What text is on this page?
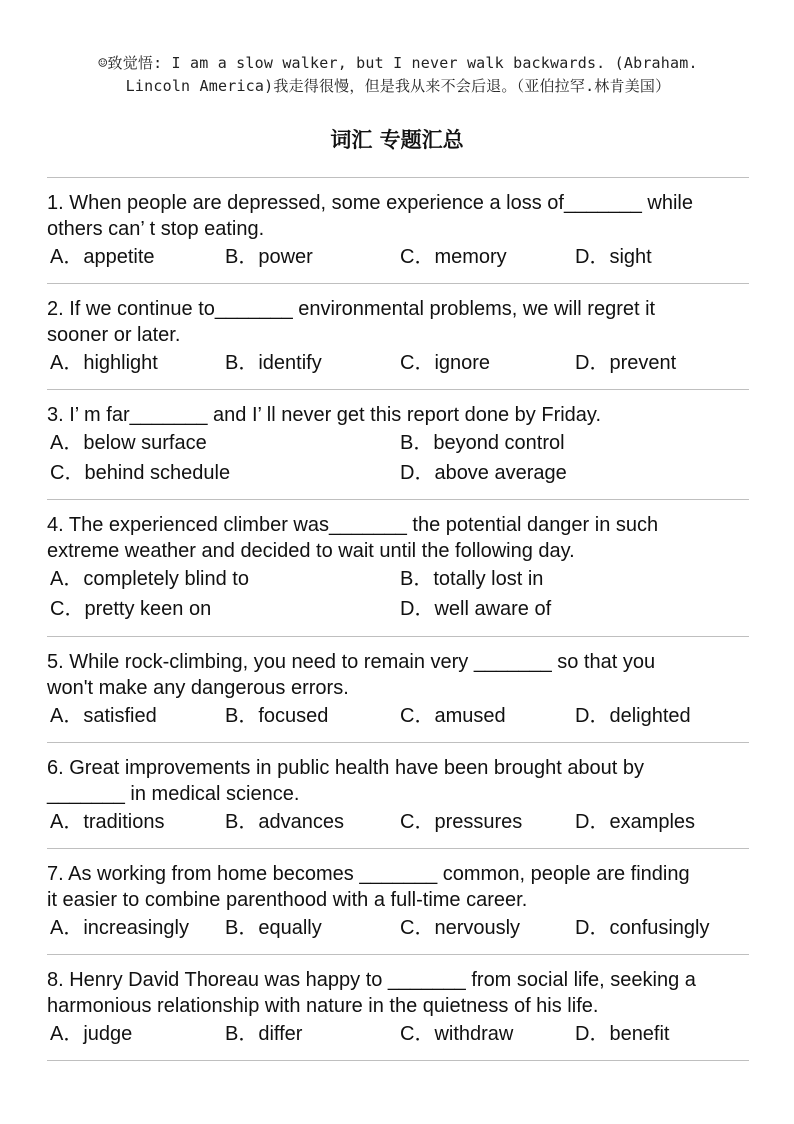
☺致觉悟: I am a slow walker, but I never walk backwards. (Abraham.
Lincoln America)我走得很慢，但是我从来不会后退。（亚伯拉罕.林肯美国）
词汇 专题汇总
1. When people are depressed, some experience a loss of_______ while
others can’ t stop eating.
A．appetite	B．power	C．memory	D．sight
2. If we continue to_______ environmental problems, we will regret it
sooner or later.
A．highlight	B．identify	C．ignore	D．prevent
3. I’ m far_______ and I’ ll never get this report done by Friday.
A．below surface	B．beyond control
C．behind schedule	D．above average
4. The experienced climber was_______ the potential danger in such
extreme weather and decided to wait until the following day.
A．completely blind to	B．totally lost in
C．pretty keen on	D．well aware of
5. While rock-climbing, you need to remain very _______ so that you
won't make any dangerous errors.
A．satisfied	B．focused	C．amused	D．delighted
6. Great improvements in public health have been brought about by
_______ in medical science.
A．traditions	B．advances	C．pressures	D．examples
7. As working from home becomes _______ common, people are finding
it easier to combine parenthood with a full-time career.
A．increasingly	B．equally	C．nervously	D．confusingly
8. Henry David Thoreau was happy to _______ from social life, seeking a
harmonious relationship with nature in the quietness of his life.
A．judge	B．differ	C．withdraw	D．benefit
